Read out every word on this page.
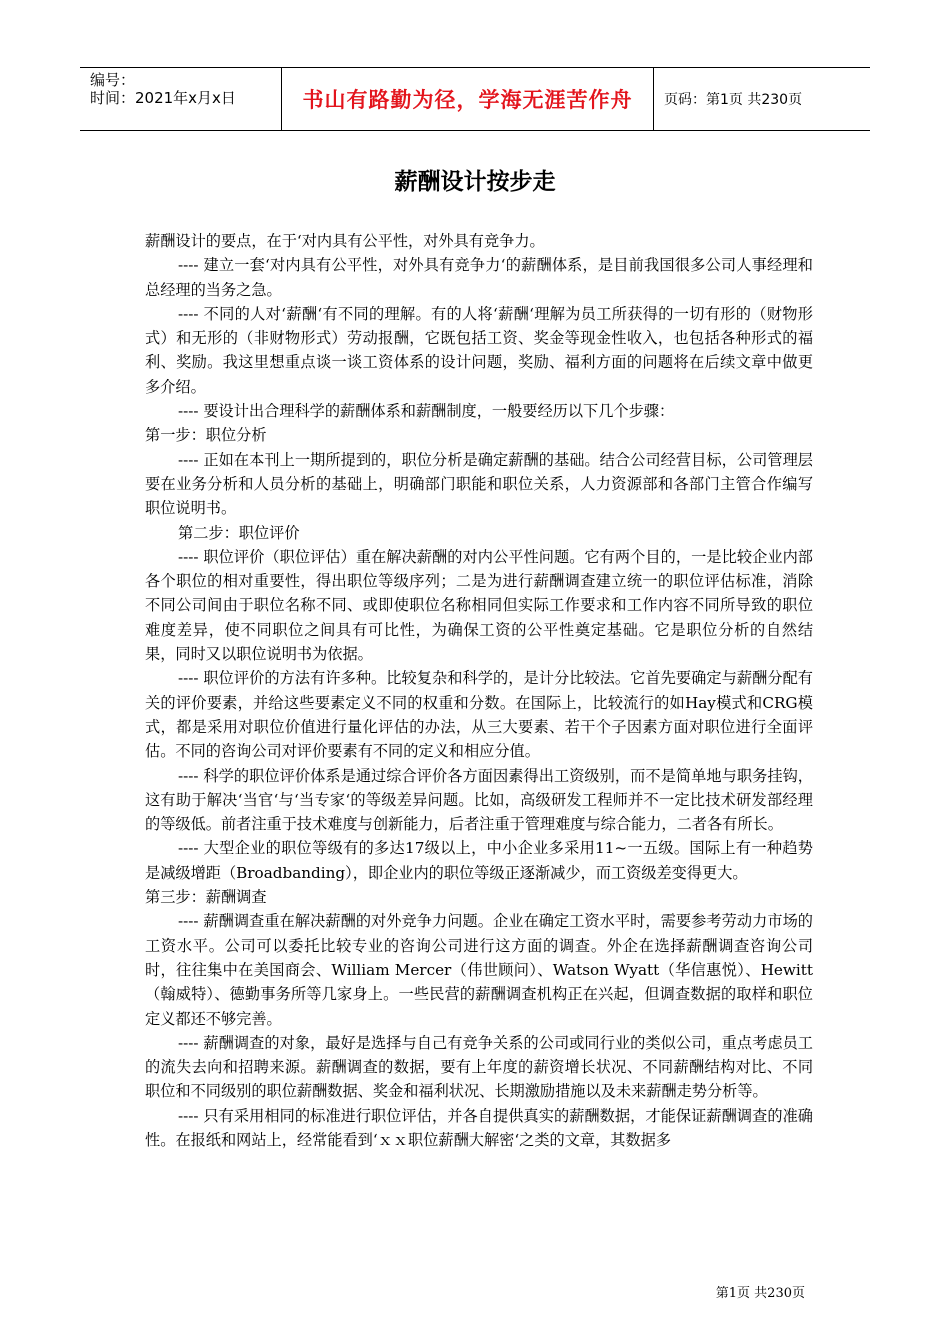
编号：
时间：2021年x月x日	书山有路勤为径，学海无涯苦作舟 页码：第1页 共230页
薪酬设计按步走

薪酬设计的要点，在于‘对内具有公平性，对外具有竞争力。

---- 建立一套‘对内具有公平性，对外具有竞争力‘的薪酬体系，是目前我国很多公司人事经理和总经理的当务之急。

---- 不同的人对‘薪酬‘有不同的理解。有的人将‘薪酬‘理解为员工所获得的一切有形的（财物形式）和无形的（非财物形式）劳动报酬，它既包括工资、奖金等现金性收入，也包括各种形式的福利、奖励。我这里想重点谈一谈工资体系的设计问题，奖励、福利方面的问题将在后续文章中做更多介绍。

---- 要设计出合理科学的薪酬体系和薪酬制度，一般要经历以下几个步骤：

第一步：职位分析

---- 正如在本刊上一期所提到的，职位分析是确定薪酬的基础。结合公司经营目标，公司管理层要在业务分析和人员分析的基础上，明确部门职能和职位关系，人力资源部和各部门主管合作编写职位说明书。

第二步：职位评价

---- 职位评价（职位评估）重在解决薪酬的对内公平性问题。它有两个目的，一是比较企业内部各个职位的相对重要性，得出职位等级序列；二是为进行薪酬调查建立统一的职位评估标准，消除不同公司间由于职位名称不同、或即使职位名称相同但实际工作要求和工作内容不同所导致的职位难度差异，使不同职位之间具有可比性，为确保工资的公平性奠定基础。它是职位分析的自然结果，同时又以职位说明书为依据。

---- 职位评价的方法有许多种。比较复杂和科学的，是计分比较法。它首先要确定与薪酬分配有关的评价要素，并给这些要素定义不同的权重和分数。在国际上，比较流行的如Hay模式和CRG模式，都是采用对职位价值进行量化评估的办法，从三大要素、若干个子因素方面对职位进行全面评估。不同的咨询公司对评价要素有不同的定义和相应分值。

---- 科学的职位评价体系是通过综合评价各方面因素得出工资级别，而不是简单地与职务挂钩，这有助于解决‘当官‘与‘当专家‘的等级差异问题。比如，高级研发工程师并不一定比技术研发部经理的等级低。前者注重于技术难度与创新能力，后者注重于管理难度与综合能力，二者各有所长。

---- 大型企业的职位等级有的多达17级以上，中小企业多采用11~一五级。国际上有一种趋势是减级增距（Broadbanding），即企业内的职位等级正逐渐减少，而工资级差变得更大。

第三步：薪酬调查

---- 薪酬调查重在解决薪酬的对外竞争力问题。企业在确定工资水平时，需要参考劳动力市场的工资水平。公司可以委托比较专业的咨询公司进行这方面的调查。外企在选择薪酬调查咨询公司时，往往集中在美国商会、William Mercer（伟世顾问）、Watson Wyatt（华信惠悦）、Hewitt（翰威特）、德勤事务所等几家身上。一些民营的薪酬调查机构正在兴起，但调查数据的取样和职位定义都还不够完善。

---- 薪酬调查的对象，最好是选择与自己有竞争关系的公司或同行业的类似公司，重点考虑员工的流失去向和招聘来源。薪酬调查的数据，要有上年度的薪资增长状况、不同薪酬结构对比、不同职位和不同级别的职位薪酬数据、奖金和福利状况、长期激励措施以及未来薪酬走势分析等。

---- 只有采用相同的标准进行职位评估，并各自提供真实的薪酬数据，才能保证薪酬调查的准确性。在报纸和网站上，经常能看到‘ｘｘ职位薪酬大解密‘之类的文章，其数据多

第1页 共230页
